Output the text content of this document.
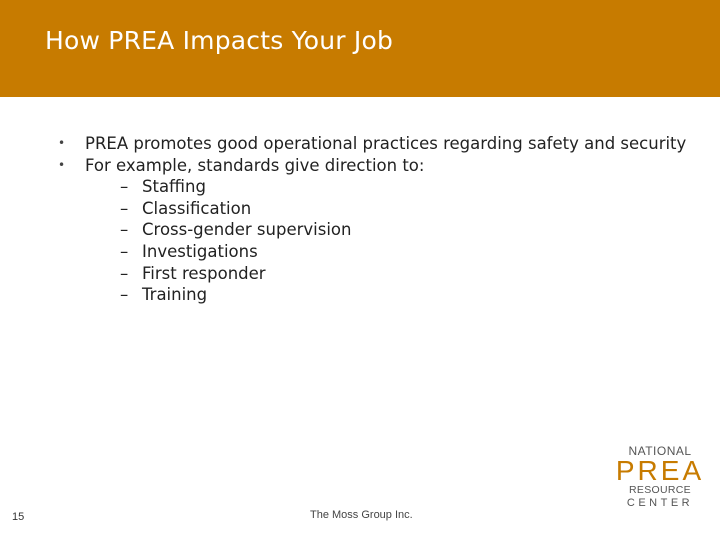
How PREA Impacts Your Job
•	PREA promotes good operational practices regarding safety and security
•	For example, standards give direction to:
– Staffing
– Classification
– Cross-gender supervision
– Investigations
– First responder
– Training
15	The Moss Group Inc.
NATIONAL
PREA
RESOURCE
CENTER
